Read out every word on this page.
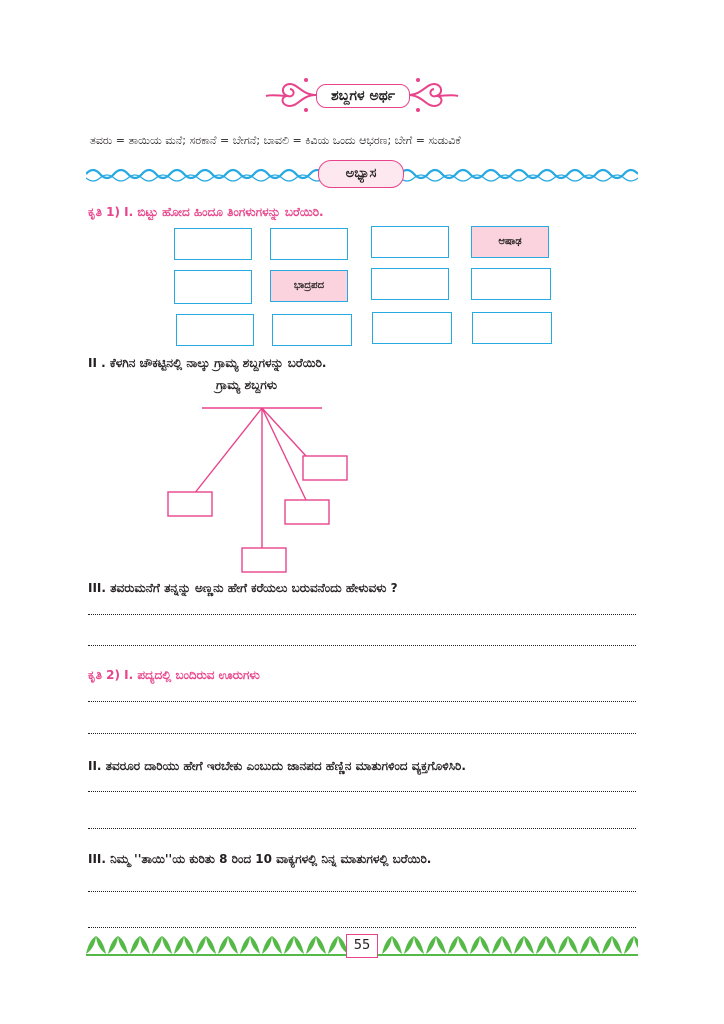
ಶಬ್ದಗಳ ಅರ್ಥ
ತವರು = ತಾಯಿಯ ಮನೆ; ಸರಕಾನೆ = ಬೇಗನೆ; ಬಾವಲಿ = ಕಿವಿಯ ಒಂದು ಆಭರಣ; ಬೇಗೆ = ಸುಡುವಿಕೆ
ಅಭ್ಯಾಸ
ಕೃತಿ 1) I. ಬಿಟ್ಟು ಹೋದ ಹಿಂದೂ ತಿಂಗಳುಗಳನ್ನು ಬರೆಯಿರಿ.
ಆಷಾಢ
ಭಾದ್ರಪದ
II . ಕೆಳಗಿನ ಚೌಕಟ್ಟಿನಲ್ಲಿ ನಾಲ್ಕು ಗ್ರಾಮ್ಯ ಶಬ್ದಗಳನ್ನು ಬರೆಯಿರಿ.
ಗ್ರಾಮ್ಯ ಶಬ್ದಗಳು
III. ತವರುಮನೆಗೆ ತನ್ನನ್ನು ಅಣ್ಣನು ಹೇಗೆ ಕರೆಯಲು ಬರುವನೆಂದು ಹೇಳುವಳು ?
ಕೃತಿ 2) I. ಪದ್ಯದಲ್ಲಿ ಬಂದಿರುವ ಊರುಗಳು
II. ತವರೂರ ದಾರಿಯು ಹೇಗೆ ಇರಬೇಕು ಎಂಬುದು ಜಾನಪದ ಹೆಣ್ಣಿನ ಮಾತುಗಳಿಂದ ವ್ಯಕ್ತಗೊಳಿಸಿರಿ.
III. ನಿಮ್ಮ ''ತಾಯಿ''ಯ ಕುರಿತು 8 ರಿಂದ 10 ವಾಕ್ಯಗಳಲ್ಲಿ ನಿನ್ನ ಮಾತುಗಳಲ್ಲಿ ಬರೆಯಿರಿ.
55
